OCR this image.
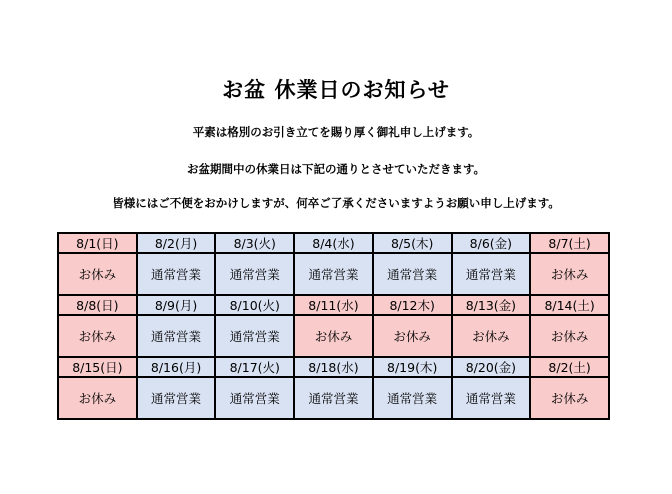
お盆 休業日のお知らせ
平素は格別のお引き立てを賜り厚く御礼申し上げます。
お盆期間中の休業日は下記の通りとさせていただきます。
皆様にはご不便をおかけしますが、何卒ご了承くださいますようお願い申し上げます。
8/1(日)	8/2(月)	8/3(火)	8/4(水)	8/5(木)	8/6(金)	8/7(土)
お休み	通常営業	通常営業	通常営業	通常営業	通常営業	お休み
8/8(日)	8/9(月)	8/10(火)	8/11(水)	8/12木)	8/13(金)	8/14(土)
お休み	通常営業	通常営業	お休み	お休み	お休み	お休み
8/15(日)	8/16(月)	8/17(火)	8/18(水)	8/19(木)	8/20(金)	8/2(土)
お休み	通常営業	通常営業	通常営業	通常営業	通常営業	お休み
